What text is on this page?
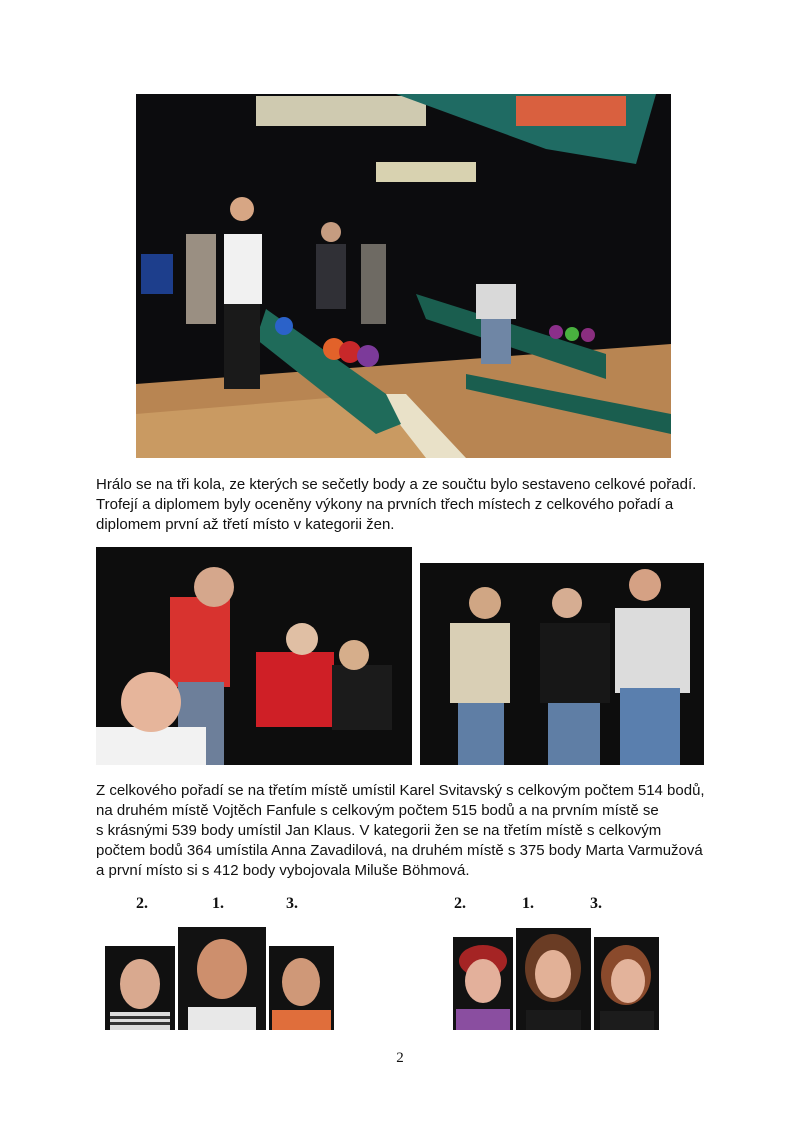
Hrálo se na tři kola, ze kterých se sečetly body a ze součtu bylo sestaveno celkové pořadí.
Trofejí a diplomem byly oceněny výkony na prvních třech místech z celkového pořadí a
diplomem první až třetí místo v kategorii žen.
Z celkového pořadí se na třetím místě umístil Karel Svitavský s celkovým počtem 514 bodů,
na druhém místě Vojtěch Fanfule s celkovým počtem 515 bodů a na prvním místě se
s krásnými 539 body umístil Jan Klaus. V kategorii žen se na třetím místě s celkovým
počtem bodů 364 umístila Anna Zavadilová, na druhém místě s 375 body Marta Varmužová
a první místo si s 412 body vybojovala Miluše Böhmová.
2.	1.	3.	2.	1.	3.
2
